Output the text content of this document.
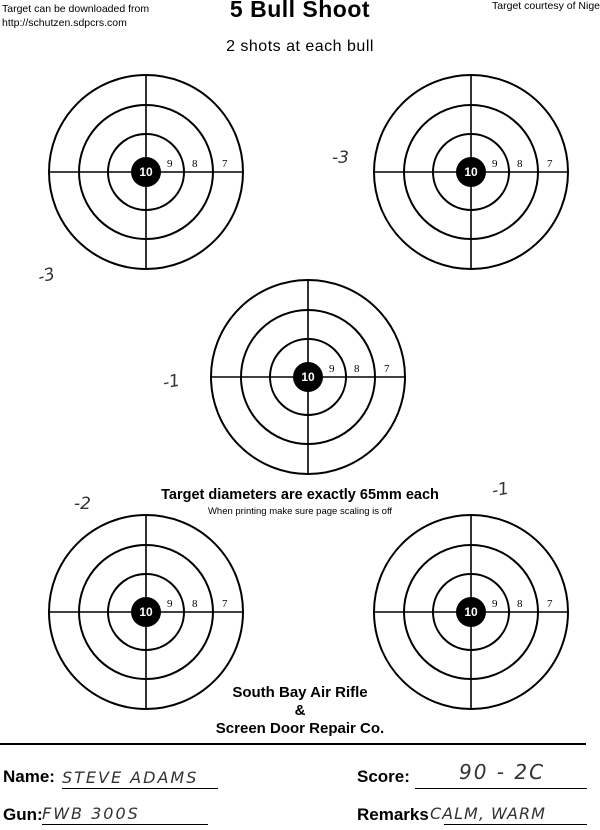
Target can be downloaded from
http://schutzen.sdpcrs.com
5 Bull Shoot	Target courtesy of Nige
2 shots at each bull
10
9 8 7
10
9 8 7
10
9 8 7
10
9 8 7
10
9 8 7
-3
-3
-1
-2
-1
Target diameters are exactly 65mm each
When printing make sure page scaling is off
South Bay Air Rifle
&
Screen Door Repair Co.
Name: STEVE ADAMS	Score:	90 - 2C
Gun: FWB 300S	Remarks CALM, WARM
